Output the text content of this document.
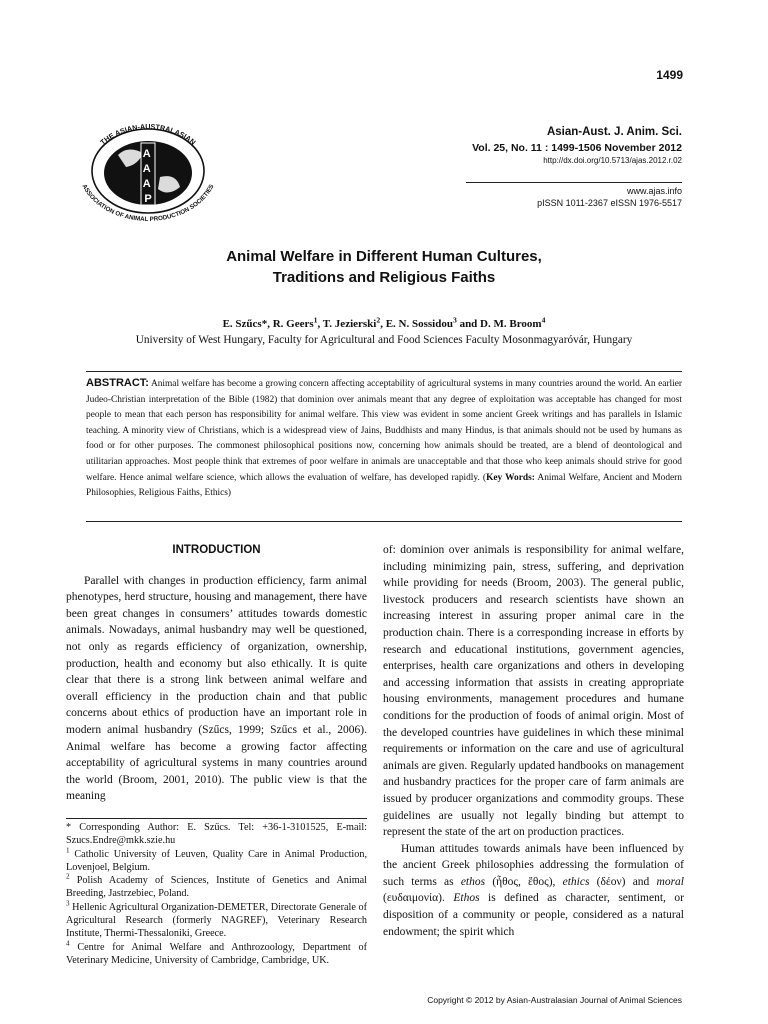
1499
A A A P
THE ASIAN-AUSTRALASIAN
ASSOCIATION OF ANIMAL PRODUCTION SOCIETIES
Asian-Aust. J. Anim. Sci.
Vol. 25, No. 11 : 1499-1506 November 2012
http://dx.doi.org/10.5713/ajas.2012.r.02
www.ajas.info
pISSN 1011-2367 eISSN 1976-5517
Animal Welfare in Different Human Cultures,
Traditions and Religious Faiths
E. Szűcs*, R. Geers$^1$, T. Jezierski$^2$, E. N. Sossidou$^3$ and D. M. Broom$^4$
University of West Hungary, Faculty for Agricultural and Food Sciences Faculty Mosonmagyaróvár, Hungary
ABSTRACT: Animal welfare has become a growing concern affecting acceptability of agricultural systems in many countries around the world. An earlier Judeo-Christian interpretation of the Bible (1982) that dominion over animals meant that any degree of exploitation was acceptable has changed for most people to mean that each person has responsibility for animal welfare. This view was evident in some ancient Greek writings and has parallels in Islamic teaching. A minority view of Christians, which is a widespread view of Jains, Buddhists and many Hindus, is that animals should not be used by humans as food or for other purposes. The commonest philosophical positions now, concerning how animals should be treated, are a blend of deontological and utilitarian approaches. Most people think that extremes of poor welfare in animals are unacceptable and that those who keep animals should strive for good welfare. Hence animal welfare science, which allows the evaluation of welfare, has developed rapidly. (Key Words: Animal Welfare, Ancient and Modern Philosophies, Religious Faiths, Ethics)
INTRODUCTION

Parallel with changes in production efficiency, farm animal phenotypes, herd structure, housing and management, there have been great changes in consumers’ attitudes towards domestic animals. Nowadays, animal husbandry may well be questioned, not only as regards efficiency of organization, ownership, production, health and economy but also ethically. It is quite clear that there is a strong link between animal welfare and overall efficiency in the production chain and that public concerns about ethics of production have an important role in modern animal husbandry (Szűcs, 1999; Szűcs et al., 2006). Animal welfare has become a growing factor affecting acceptability of agricultural systems in many countries around the world (Broom, 2001, 2010). The public view is that the meaning

* Corresponding Author: E. Szűcs. Tel: +36-1-3101525, E-mail: Szucs.Endre@mkk.szie.hu

$^1$ Catholic University of Leuven, Quality Care in Animal Production, Lovenjoel, Belgium.

$^2$ Polish Academy of Sciences, Institute of Genetics and Animal Breeding, Jastrzebiec, Poland.

$^3$ Hellenic Agricultural Organization-DEMETER, Directorate Generale of Agricultural Research (formerly NAGREF), Veterinary Research Institute, Thermi-Thessaloniki, Greece.

$^4$ Centre for Animal Welfare and Anthrozoology, Department of Veterinary Medicine, University of Cambridge, Cambridge, UK.

of: dominion over animals is responsibility for animal welfare, including minimizing pain, stress, suffering, and deprivation while providing for needs (Broom, 2003). The general public, livestock producers and research scientists have shown an increasing interest in assuring proper animal care in the production chain. There is a corresponding increase in efforts by research and educational institutions, government agencies, enterprises, health care organizations and others in developing and accessing information that assists in creating appropriate housing environments, management procedures and humane conditions for the production of foods of animal origin. Most of the developed countries have guidelines in which these minimal requirements or information on the care and use of agricultural animals are given. Regularly updated handbooks on management and husbandry practices for the proper care of farm animals are issued by producer organizations and commodity groups. These guidelines are usually not legally binding but attempt to represent the state of the art on production practices.

Human attitudes towards animals have been influenced by the ancient Greek philosophies addressing the formulation of such terms as ethos (ἦθος, ἔθος), ethics (δέον) and moral (ευδαιμονία). Ethos is defined as character, sentiment, or disposition of a community or people, considered as a natural endowment; the spirit which

Copyright © 2012 by Asian-Australasian Journal of Animal Sciences
